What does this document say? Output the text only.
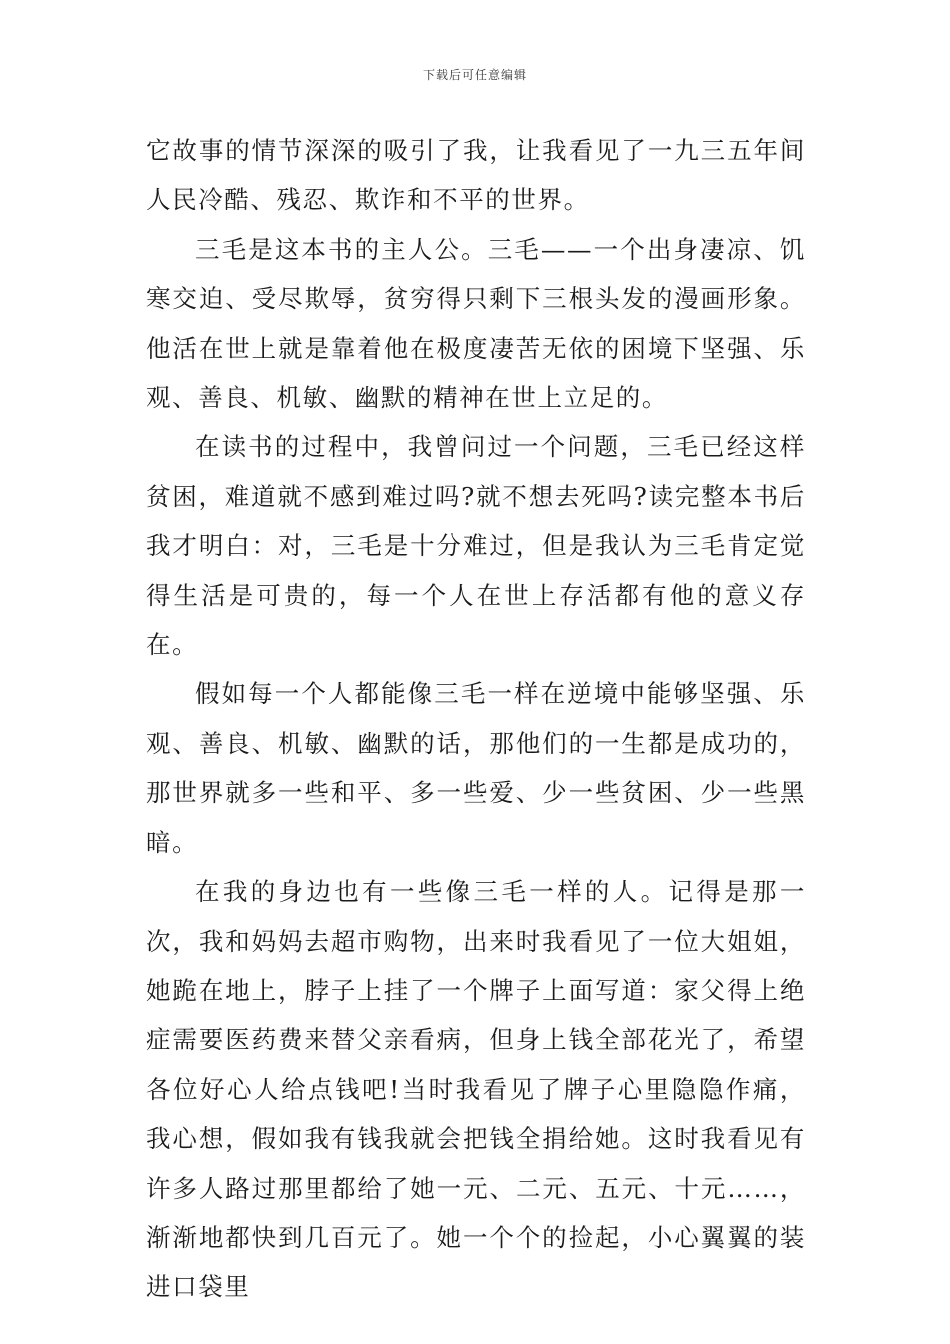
下载后可任意编辑

它故事的情节深深的吸引了我，让我看见了一九三五年间人民冷酷、残忍、欺诈和不平的世界。

三毛是这本书的主人公。三毛——一个出身凄凉、饥寒交迫、受尽欺辱，贫穷得只剩下三根头发的漫画形象。他活在世上就是靠着他在极度凄苦无依的困境下坚强、乐观、善良、机敏、幽默的精神在世上立足的。

在读书的过程中，我曾问过一个问题，三毛已经这样贫困，难道就不感到难过吗?就不想去死吗?读完整本书后我才明白：对，三毛是十分难过，但是我认为三毛肯定觉得生活是可贵的，每一个人在世上存活都有他的意义存在。

假如每一个人都能像三毛一样在逆境中能够坚强、乐观、善良、机敏、幽默的话，那他们的一生都是成功的，那世界就多一些和平、多一些爱、少一些贫困、少一些黑暗。

在我的身边也有一些像三毛一样的人。记得是那一次，我和妈妈去超市购物，出来时我看见了一位大姐姐，她跪在地上，脖子上挂了一个牌子上面写道：家父得上绝症需要医药费来替父亲看病，但身上钱全部花光了，希望各位好心人给点钱吧!当时我看见了牌子心里隐隐作痛，我心想，假如我有钱我就会把钱全捐给她。这时我看见有许多人路过那里都给了她一元、二元、五元、十元……，渐渐地都快到几百元了。她一个个的捡起，小心翼翼的装进口袋里
